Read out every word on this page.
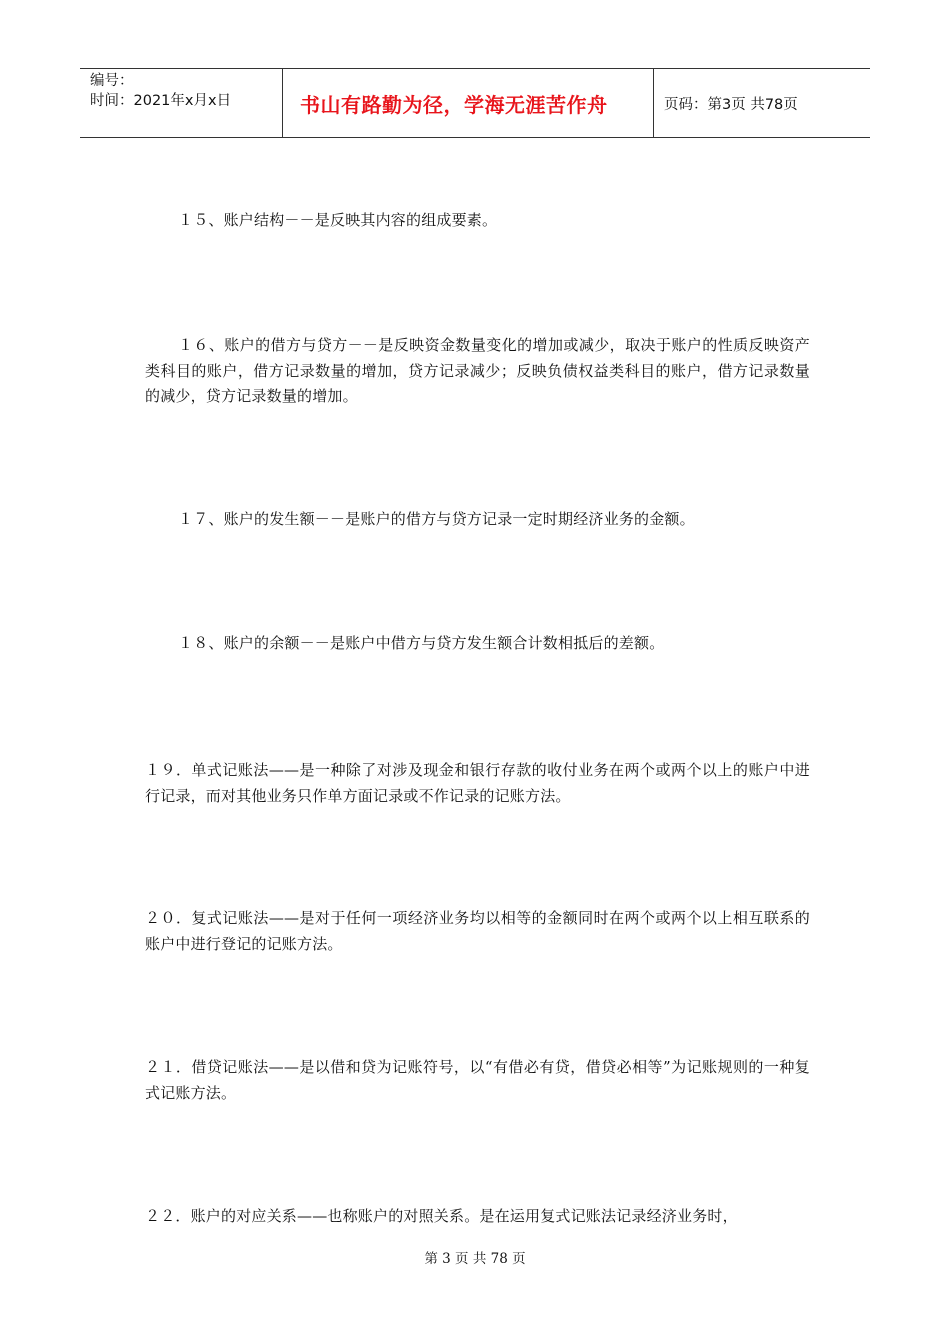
编号：
时间：2021年x月x日	书山有路勤为径，学海无涯苦作舟	页码：第3页 共78页

１５、账户结构－－是反映其内容的组成要素。

１６、账户的借方与贷方－－是反映资金数量变化的增加或减少，取决于账户的性质反映资产类科目的账户，借方记录数量的增加，贷方记录减少；反映负债权益类科目的账户，借方记录数量的减少，贷方记录数量的增加。

１７、账户的发生额－－是账户的借方与贷方记录一定时期经济业务的金额。

１８、账户的余额－－是账户中借方与贷方发生额合计数相抵后的差额。

１９．单式记账法——是一种除了对涉及现金和银行存款的收付业务在两个或两个以上的账户中进行记录，而对其他业务只作单方面记录或不作记录的记账方法。

２０．复式记账法——是对于任何一项经济业务均以相等的金额同时在两个或两个以上相互联系的账户中进行登记的记账方法。

２１．借贷记账法——是以借和贷为记账符号，以“有借必有贷，借贷必相等”为记账规则的一种复式记账方法。

２２．账户的对应关系——也称账户的对照关系。是在运用复式记账法记录经济业务时，

第 3 页 共 78 页
